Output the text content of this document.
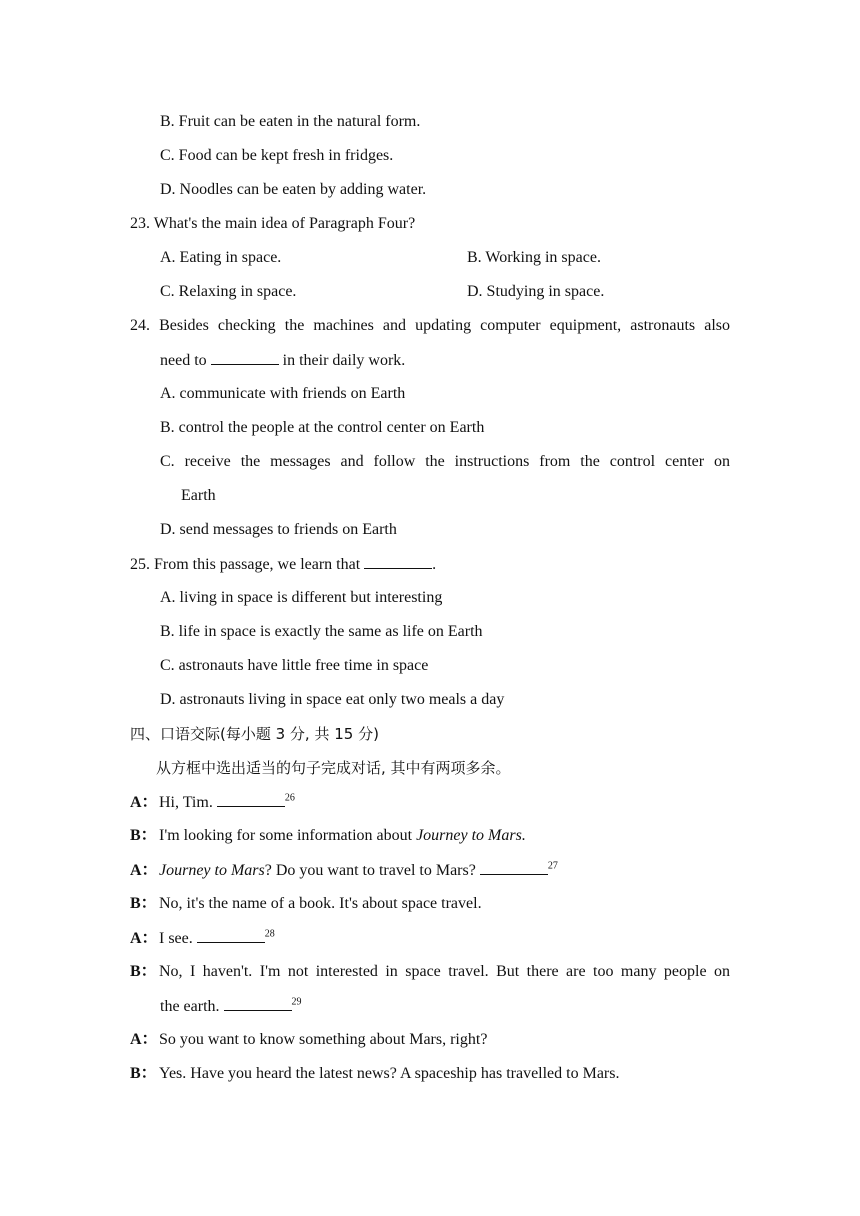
B. Fruit can be eaten in the natural form.
C. Food can be kept fresh in fridges.
D. Noodles can be eaten by adding water.
23. What's the main idea of Paragraph Four?
A. Eating in space.	B. Working in space.
C. Relaxing in space.	D. Studying in space.
24. Besides checking the machines and updating computer equipment, astronauts also
need to	in their daily work.
A. communicate with friends on Earth
B. control the people at the control center on Earth
C. receive the messages and follow the instructions from the control center on
Earth
D. send messages to friends on Earth
25. From this passage, we learn that	.
A. living in space is different but interesting
B. life in space is exactly the same as life on Earth
C. astronauts have little free time in space
D. astronauts living in space eat only two meals a day
四、口语交际(每小题 3 分, 共 15 分)
从方框中选出适当的句子完成对话, 其中有两项多余。
A：Hi, Tim.	$^{26}$
B： I'm looking for some information about Journey to Mars.
A：Journey to Mars? Do you want to travel to Mars?	$^{27}$
B： No, it's the name of a book. It's about space travel.
A：I see.	$^{28}$
B： No, I haven't. I'm not interested in space travel. But there are too many people on
the earth.	$^{29}$
A：So you want to know something about Mars, right?
B： Yes. Have you heard the latest news? A spaceship has travelled to Mars.
